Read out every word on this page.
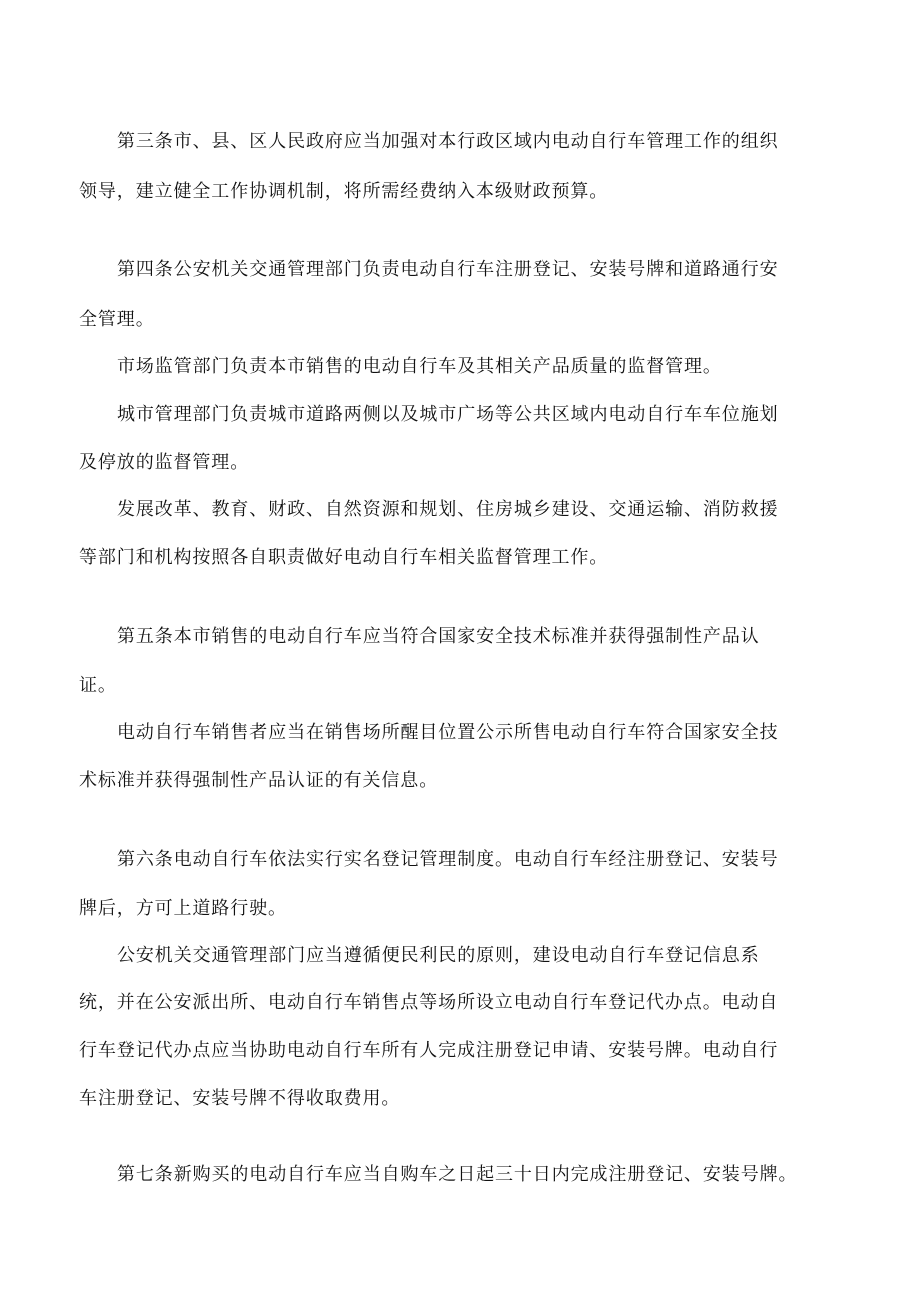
第三条市、县、区人民政府应当加强对本行政区域内电动自行车管理工作的组织
领导，建立健全工作协调机制，将所需经费纳入本级财政预算。
第四条公安机关交通管理部门负责电动自行车注册登记、安装号牌和道路通行安
全管理。
市场监管部门负责本市销售的电动自行车及其相关产品质量的监督管理。
城市管理部门负责城市道路两侧以及城市广场等公共区域内电动自行车车位施划
及停放的监督管理。
发展改革、教育、财政、自然资源和规划、住房城乡建设、交通运输、消防救援
等部门和机构按照各自职责做好电动自行车相关监督管理工作。
第五条本市销售的电动自行车应当符合国家安全技术标准并获得强制性产品认
证。
电动自行车销售者应当在销售场所醒目位置公示所售电动自行车符合国家安全技
术标准并获得强制性产品认证的有关信息。
第六条电动自行车依法实行实名登记管理制度。电动自行车经注册登记、安装号
牌后，方可上道路行驶。
公安机关交通管理部门应当遵循便民利民的原则，建设电动自行车登记信息系
统，并在公安派出所、电动自行车销售点等场所设立电动自行车登记代办点。电动自
行车登记代办点应当协助电动自行车所有人完成注册登记申请、安装号牌。电动自行
车注册登记、安装号牌不得收取费用。
第七条新购买的电动自行车应当自购车之日起三十日内完成注册登记、安装号牌。
